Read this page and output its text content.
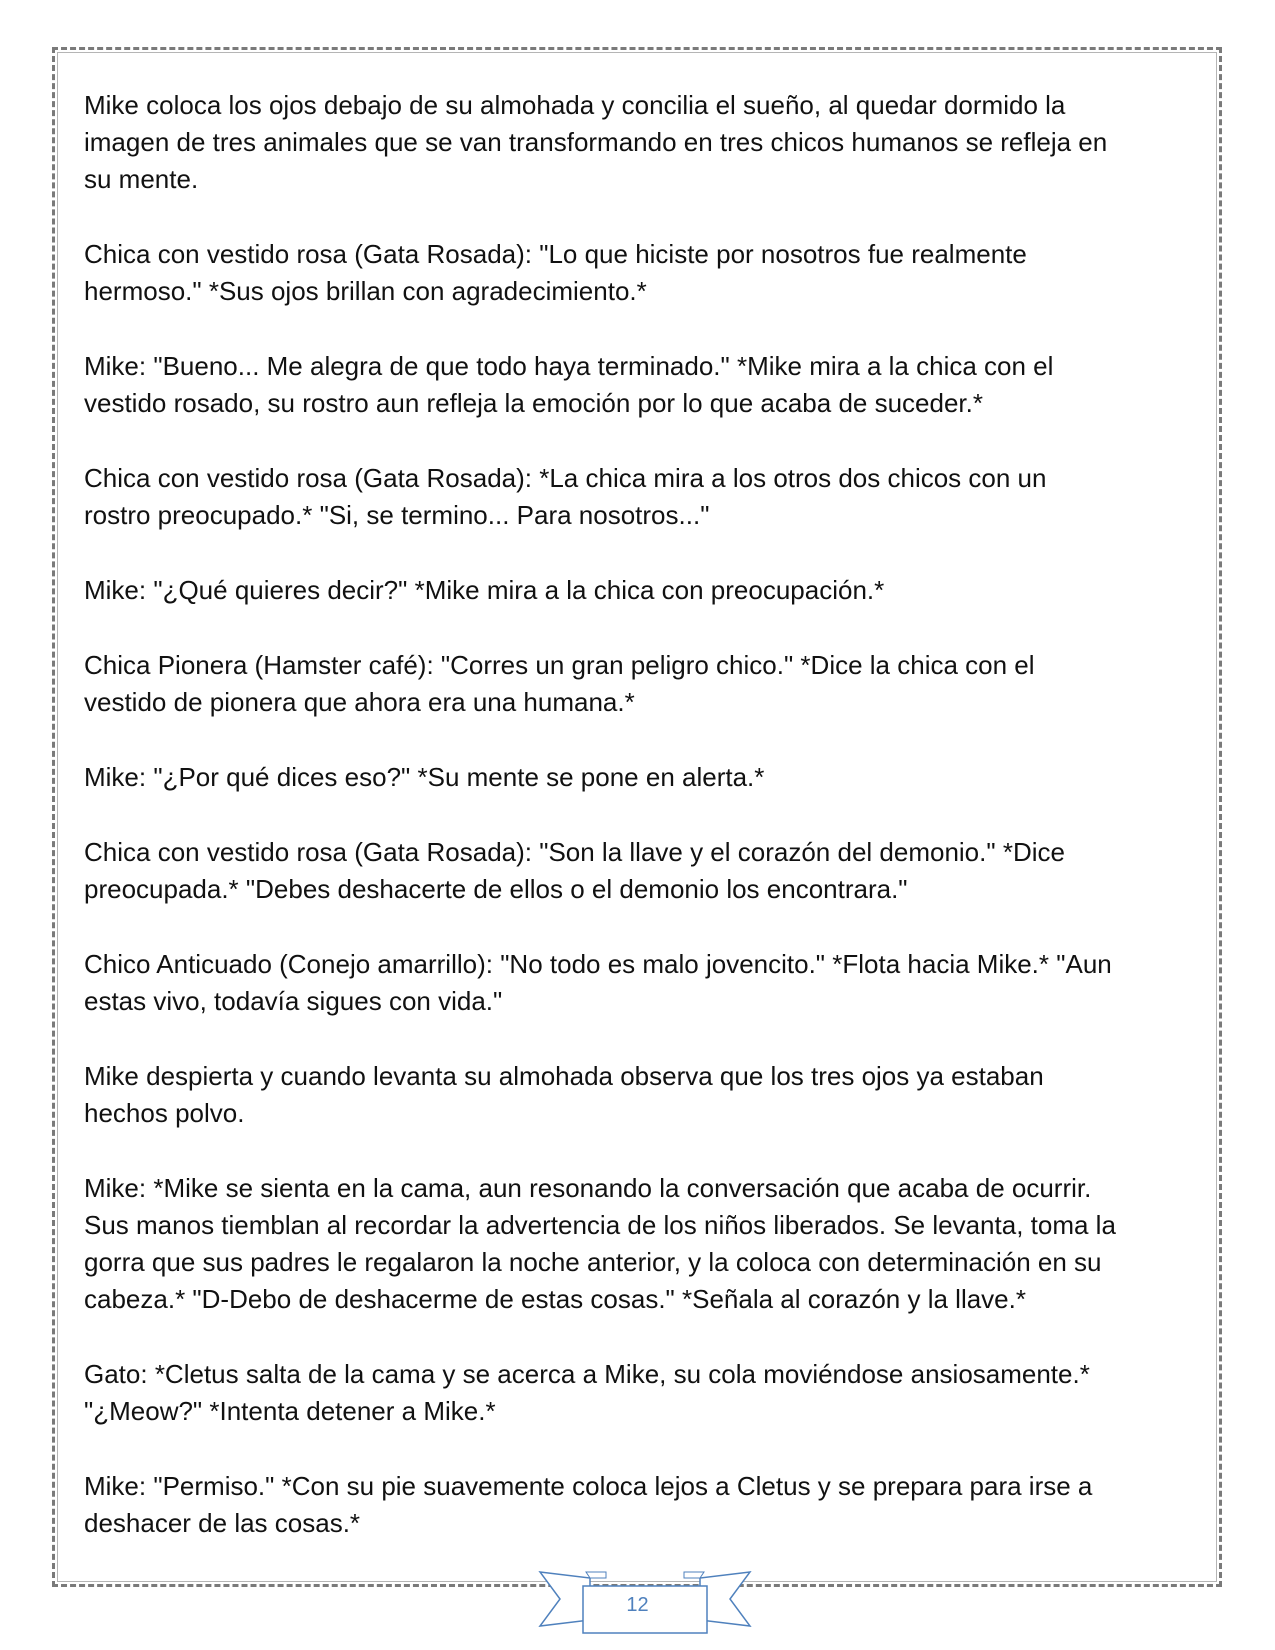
Mike coloca los ojos debajo de su almohada y concilia el sueño, al quedar dormido la
imagen de tres animales que se van transformando en tres chicos humanos se refleja en
su mente.

Chica con vestido rosa (Gata Rosada): "Lo que hiciste por nosotros fue realmente
hermoso." *Sus ojos brillan con agradecimiento.*

Mike: "Bueno... Me alegra de que todo haya terminado." *Mike mira a la chica con el
vestido rosado, su rostro aun refleja la emoción por lo que acaba de suceder.*

Chica con vestido rosa (Gata Rosada): *La chica mira a los otros dos chicos con un
rostro preocupado.* "Si, se termino... Para nosotros..."

Mike: "¿Qué quieres decir?" *Mike mira a la chica con preocupación.*

Chica Pionera (Hamster café): "Corres un gran peligro chico." *Dice la chica con el
vestido de pionera que ahora era una humana.*

Mike: "¿Por qué dices eso?" *Su mente se pone en alerta.*

Chica con vestido rosa (Gata Rosada): "Son la llave y el corazón del demonio." *Dice
preocupada.* "Debes deshacerte de ellos o el demonio los encontrara."

Chico Anticuado (Conejo amarrillo): "No todo es malo jovencito." *Flota hacia Mike.* "Aun
estas vivo, todavía sigues con vida."

Mike despierta y cuando levanta su almohada observa que los tres ojos ya estaban
hechos polvo.

Mike: *Mike se sienta en la cama, aun resonando la conversación que acaba de ocurrir.
Sus manos tiemblan al recordar la advertencia de los niños liberados. Se levanta, toma la
gorra que sus padres le regalaron la noche anterior, y la coloca con determinación en su
cabeza.* "D-Debo de deshacerme de estas cosas." *Señala al corazón y la llave.*

Gato: *Cletus salta de la cama y se acerca a Mike, su cola moviéndose ansiosamente.*
"¿Meow?" *Intenta detener a Mike.*

Mike: "Permiso." *Con su pie suavemente coloca lejos a Cletus y se prepara para irse a
deshacer de las cosas.*

12
